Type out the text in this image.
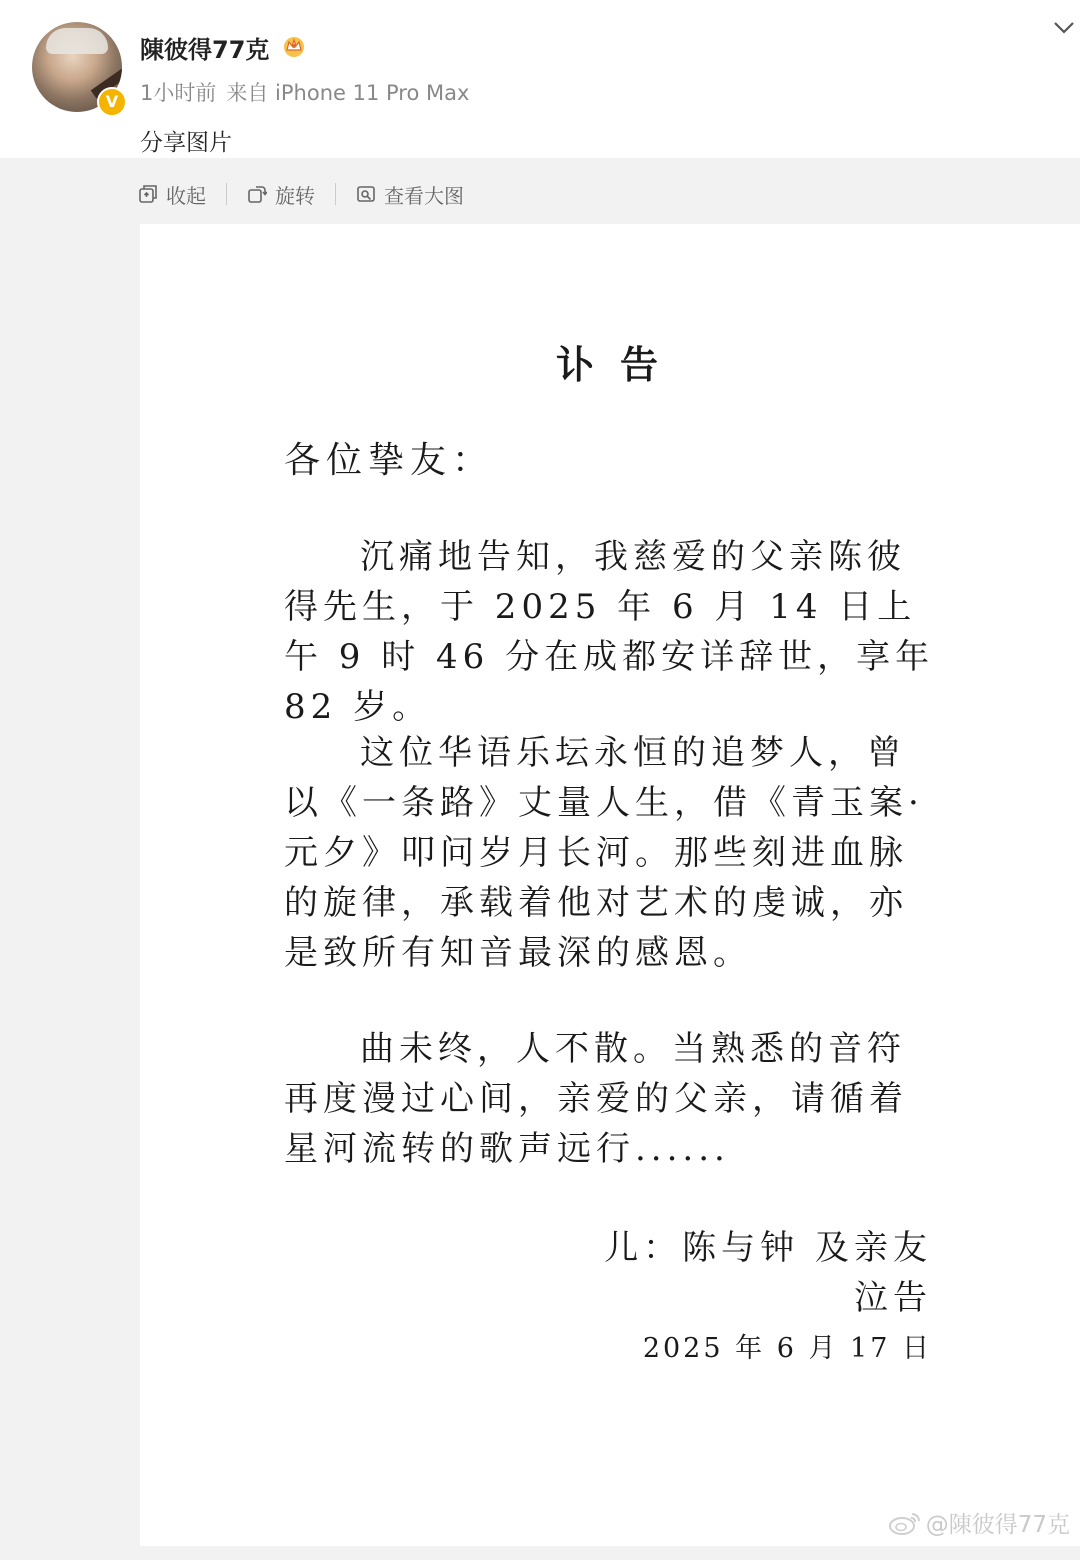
V
陳彼得77克
1小时前 来自 iPhone 11 Pro Max
分享图片
收起	旋转	查看大图
讣告
各位挚友：

沉痛地告知，我慈爱的父亲陈彼得先生，于 2025 年 6 月 14 日上午 9 时 46 分在成都安详辞世，享年 82 岁。

这位华语乐坛永恒的追梦人，曾以《一条路》丈量人生，借《青玉案·元夕》叩问岁月长河。那些刻进血脉的旋律，承载着他对艺术的虔诚，亦是致所有知音最深的感恩。

曲未终，人不散。当熟悉的音符再度漫过心间，亲爱的父亲，请循着星河流转的歌声远行......

儿：陈与钟 及亲友
泣告
2025 年 6 月 17 日
@陳彼得77克
